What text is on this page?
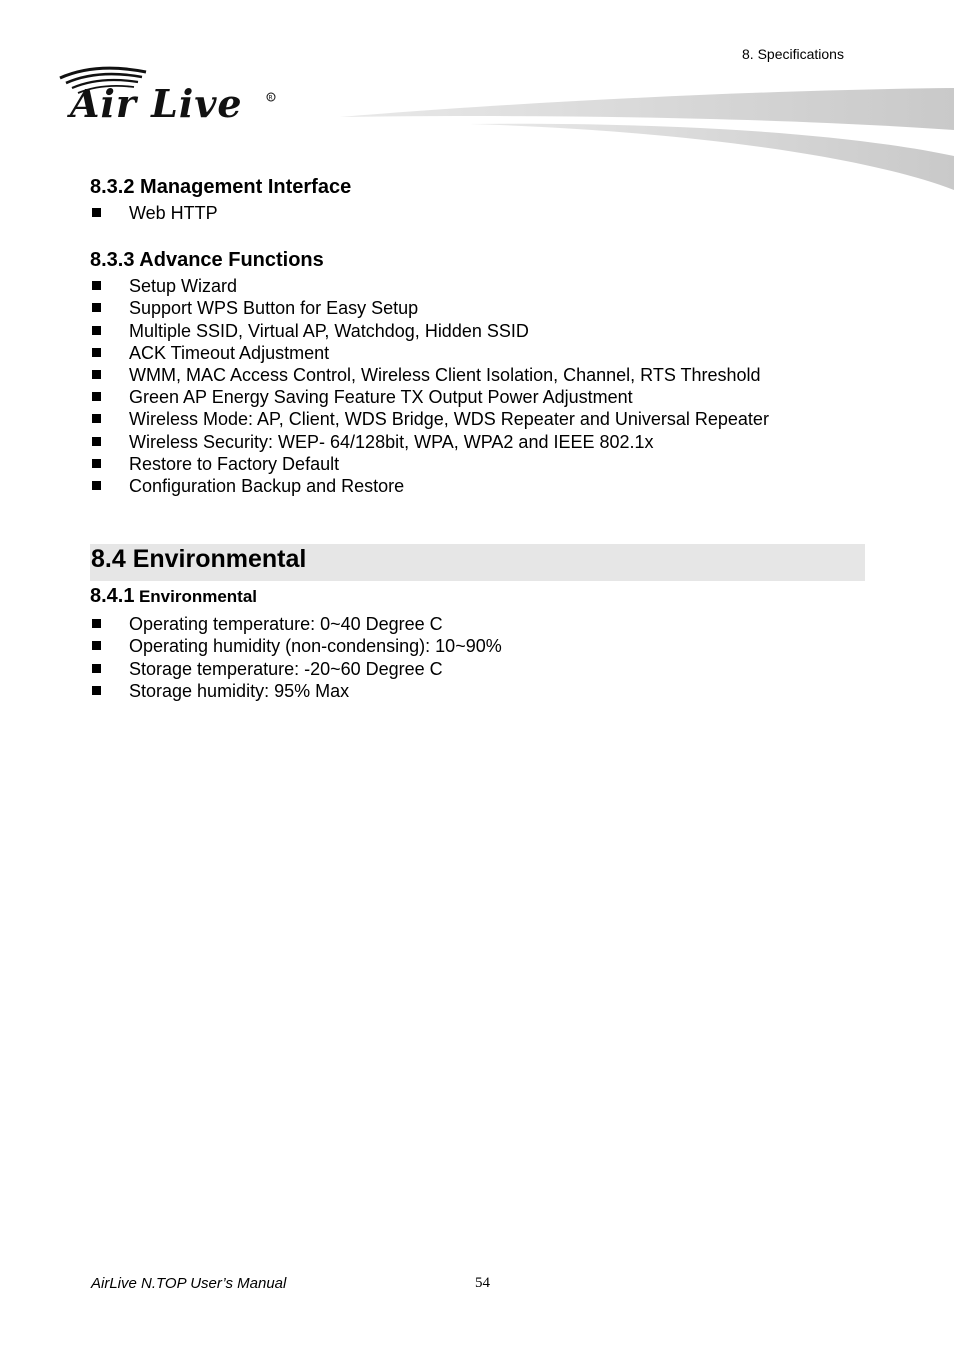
8. Specifications
Air Live	R
8.3.2 Management Interface
Web HTTP
8.3.3 Advance Functions
Setup Wizard
Support WPS Button for Easy Setup
Multiple SSID, Virtual AP, Watchdog, Hidden SSID
ACK Timeout Adjustment
WMM, MAC Access Control, Wireless Client Isolation, Channel, RTS Threshold
Green AP Energy Saving Feature TX Output Power Adjustment
Wireless Mode: AP, Client, WDS Bridge, WDS Repeater and Universal Repeater
Wireless Security: WEP- 64/128bit, WPA, WPA2 and IEEE 802.1x
Restore to Factory Default
Configuration Backup and Restore
8.4 Environmental
8.4.1 Environmental
Operating temperature: 0~40 Degree C
Operating humidity (non-condensing): 10~90%
Storage temperature: -20~60 Degree C
Storage humidity: 95% Max
AirLive N.TOP User’s Manual	54
